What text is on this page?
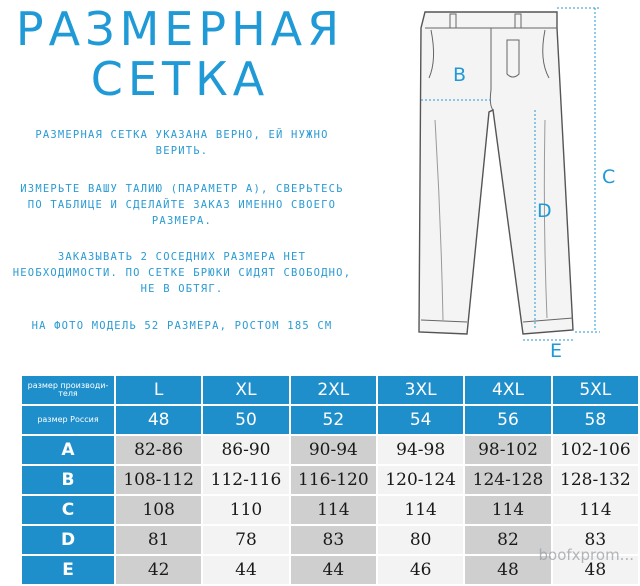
РАЗМЕРНАЯ
СЕТКА
РАЗМЕРНАЯ СЕТКА УКАЗАНА ВЕРНО, ЕЙ НУЖНО ВЕРИТЬ.
ИЗМЕРЬТЕ ВАШУ ТАЛИЮ (ПАРАМЕТР А), СВЕРЬТЕСЬ ПО ТАБЛИЦЕ И СДЕЛАЙТЕ ЗАКАЗ ИМЕННО СВОЕГО РАЗМЕРА.
ЗАКАЗЫВАТЬ 2 СОСЕДНИХ РАЗМЕРА НЕТ НЕОБХОДИМОСТИ. ПО СЕТКЕ БРЮКИ СИДЯТ СВОБОДНО, НЕ В ОБТЯГ.
НА ФОТО МОДЕЛЬ 52 РАЗМЕРА, РОСТОМ 185 СМ
B
C
D
E
размер производи-теля	L	XL	2XL	3XL	4XL	5XL
размер Россия	48	50	52	54	56	58
A	82-86	86-90	90-94	94-98	98-102	102-106
B	108-112	112-116	116-120	120-124	124-128	128-132
C	108	110	114	114	114	114
D	81	78	83	80	82	83
E	42	44	44	46	48	48
boofxprom...
